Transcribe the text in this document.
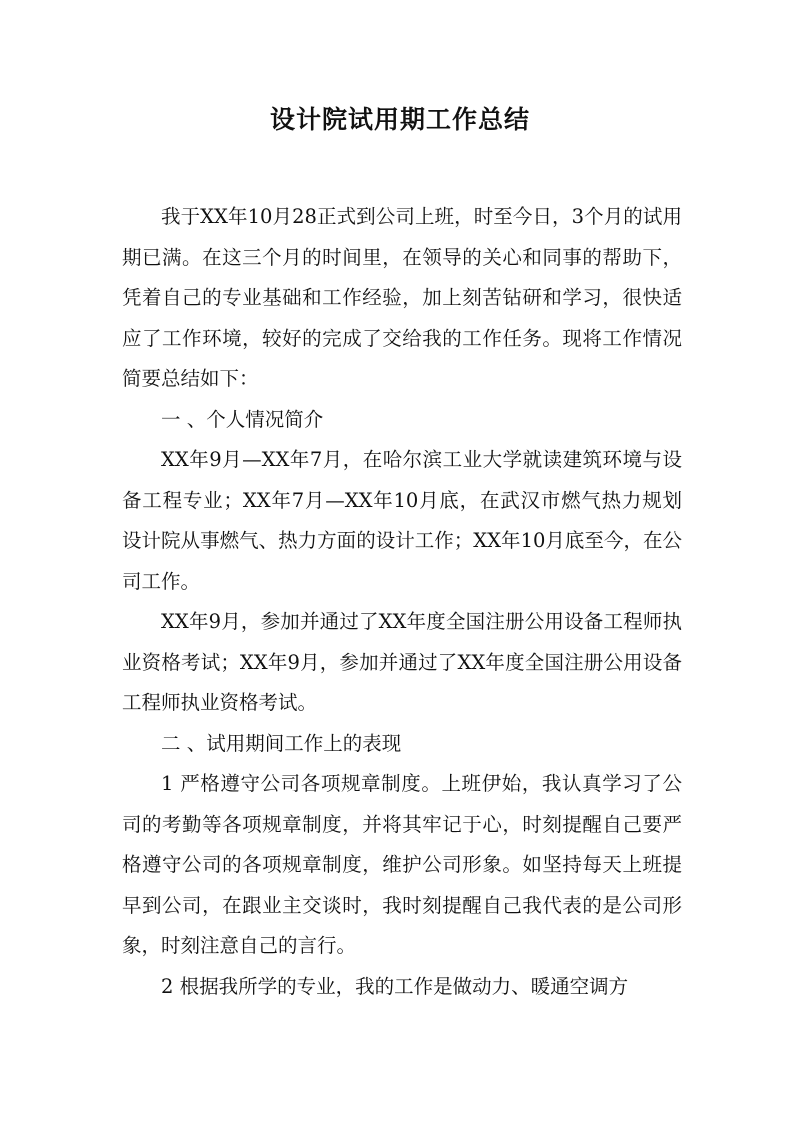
设计院试用期工作总结

我于XX年10月28正式到公司上班，时至今日，3个月的试用期已满。在这三个月的时间里，在领导的关心和同事的帮助下，凭着自己的专业基础和工作经验，加上刻苦钻研和学习，很快适应了工作环境，较好的完成了交给我的工作任务。现将工作情况简要总结如下：

一 、个人情况简介

XX年9月—XX年7月，在哈尔滨工业大学就读建筑环境与设备工程专业；XX年7月—XX年10月底，在武汉市燃气热力规划设计院从事燃气、热力方面的设计工作；XX年10月底至今，在公司工作。

XX年9月，参加并通过了XX年度全国注册公用设备工程师执业资格考试；XX年9月，参加并通过了XX年度全国注册公用设备工程师执业资格考试。

二 、试用期间工作上的表现

1 严格遵守公司各项规章制度。上班伊始，我认真学习了公司的考勤等各项规章制度，并将其牢记于心，时刻提醒自己要严格遵守公司的各项规章制度，维护公司形象。如坚持每天上班提早到公司，在跟业主交谈时，我时刻提醒自己我代表的是公司形象，时刻注意自己的言行。

2 根据我所学的专业，我的工作是做动力、暖通空调方
